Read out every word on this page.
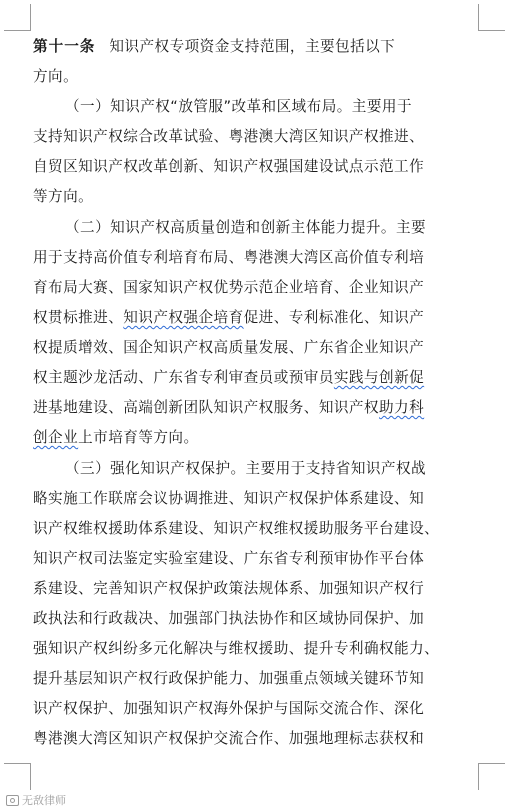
第十一条 知识产权专项资金支持范围，主要包括以下
方向。
（一）知识产权“放管服”改革和区域布局。主要用于
支持知识产权综合改革试验、粤港澳大湾区知识产权推进、
自贸区知识产权改革创新、知识产权强国建设试点示范工作
等方向。
（二）知识产权高质量创造和创新主体能力提升。主要
用于支持高价值专利培育布局、粤港澳大湾区高价值专利培
育布局大赛、国家知识产权优势示范企业培育、企业知识产
权贯标推进、知识产权强企培育促进、专利标准化、知识产
权提质增效、国企知识产权高质量发展、广东省企业知识产
权主题沙龙活动、广东省专利审查员或预审员实践与创新促
进基地建设、高端创新团队知识产权服务、知识产权助力科
创企业上市培育等方向。
（三）强化知识产权保护。主要用于支持省知识产权战
略实施工作联席会议协调推进、知识产权保护体系建设、知
识产权维权援助体系建设、知识产权维权援助服务平台建设、
知识产权司法鉴定实验室建设、广东省专利预审协作平台体
系建设、完善知识产权保护政策法规体系、加强知识产权行
政执法和行政裁决、加强部门执法协作和区域协同保护、加
强知识产权纠纷多元化解决与维权援助、提升专利确权能力、
提升基层知识产权行政保护能力、加强重点领域关键环节知
识产权保护、加强知识产权海外保护与国际交流合作、深化
粤港澳大湾区知识产权保护交流合作、加强地理标志获权和
无敌律师
